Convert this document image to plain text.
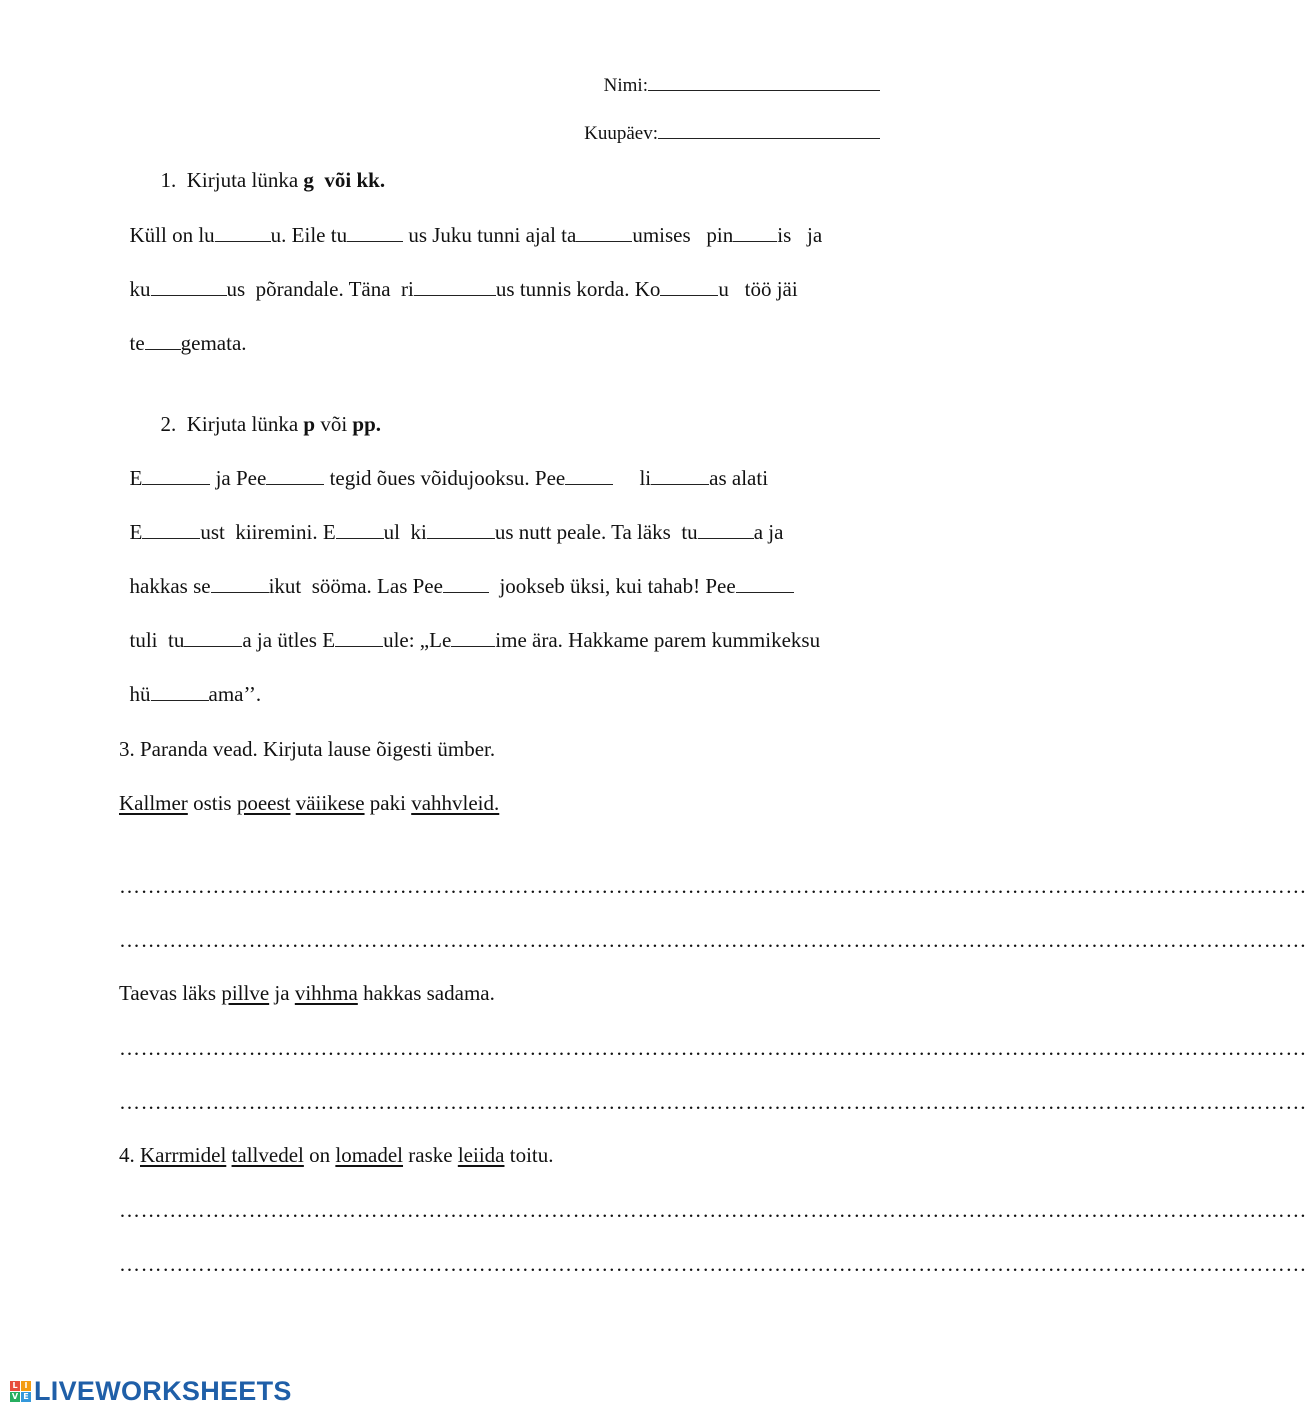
Nimi:

Kuupäev:

1. Kirjuta lünka g  või kk.

Küll on lu	u. Eile tu	us Juku tunni ajal ta	umises   pin is   ja

ku	us  põrandale. Täna  ri	us tunnis korda. Ko	u   töö jäi

te gemata.

2. Kirjuta lünka p või pp.

E	ja Pee	tegid õues võidujooksu. Pee     li	as alati

E	ust  kiiremini. E ul  ki	us nutt peale. Ta läks  tu	a ja

hakkas se	ikut  sööma. Las Pee  jookseb üksi, kui tahab! Pee

tuli  tu	a ja ütles E ule: „Le ime ära. Hakkame parem kummikeksu

hü	ama’’.

3. Paranda vead. Kirjuta lause õigesti ümber.
Kallmer ostis poeest väiikese paki vahhvleid.
…………………………………………………………………………………………………………………………………………………
…………………………………………………………………………………………………………………………………………………
Taevas läks pillve ja vihhma hakkas sadama.
…………………………………………………………………………………………………………………………………………………
…………………………………………………………………………………………………………………………………………………
4. Karrmidel tallvedel on lomadel raske leiida toitu.
…………………………………………………………………………………………………………………………………………………
…………………………………………………………………………………………………………………………………………………
L I
V E LIVEWORKSHEETS
